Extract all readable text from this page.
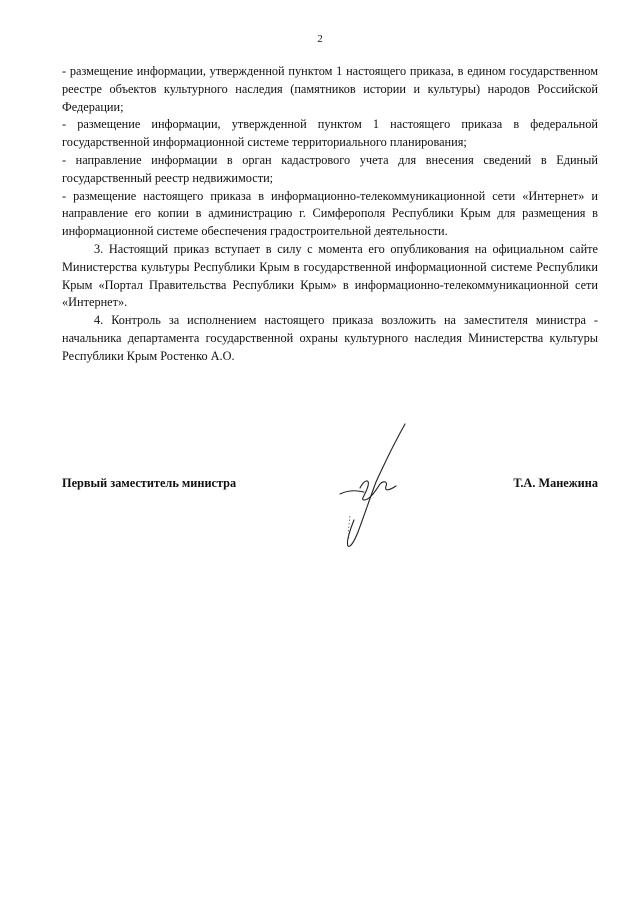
2

- размещение информации, утвержденной пунктом 1 настоящего приказа, в едином государственном реестре объектов культурного наследия (памятников истории и культуры) народов Российской Федерации;

- размещение информации, утвержденной пунктом 1 настоящего приказа в федеральной государственной информационной системе территориального планирования;

- направление информации в орган кадастрового учета для внесения сведений в Единый государственный реестр недвижимости;

- размещение настоящего приказа в информационно-телекоммуникационной сети «Интернет» и направление его копии в администрацию г. Симферополя Республики Крым для размещения в информационной системе обеспечения градостроительной деятельности.

3. Настоящий приказ вступает в силу с момента его опубликования на официальном сайте Министерства культуры Республики Крым в государственной информационной системе Республики Крым «Портал Правительства Республики Крым» в информационно-телекоммуникационной сети «Интернет».

4. Контроль за исполнением настоящего приказа возложить на заместителя министра - начальника департамента государственной охраны культурного наследия Министерства культуры Республики Крым Ростенко А.О.

Первый заместитель министра	Т.А. Манежина
